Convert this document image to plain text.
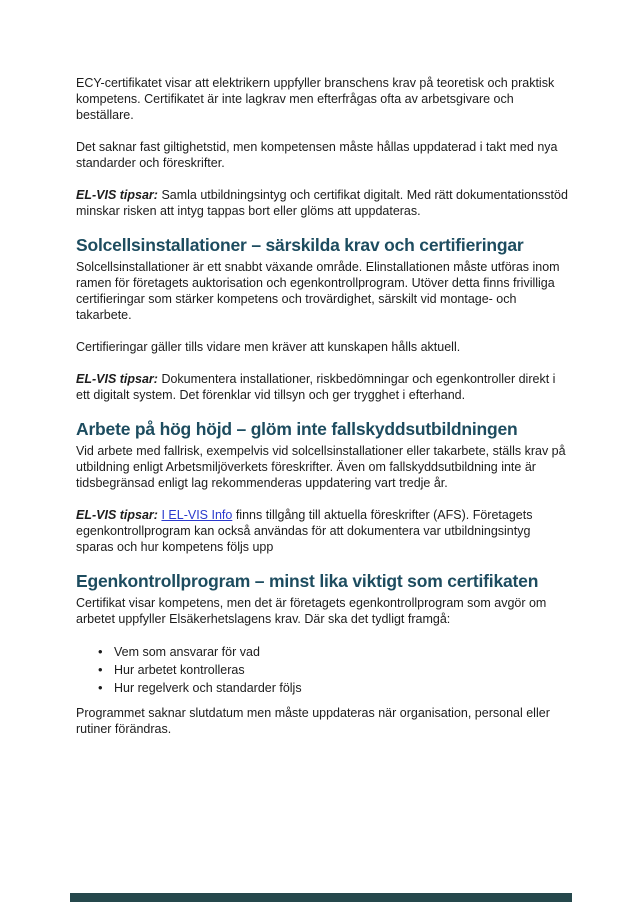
ECY-certifikatet visar att elektrikern uppfyller branschens krav på teoretisk och praktisk kompetens. Certifikatet är inte lagkrav men efterfrågas ofta av arbetsgivare och beställare.

Det saknar fast giltighetstid, men kompetensen måste hållas uppdaterad i takt med nya standarder och föreskrifter.

EL-VIS tipsar: Samla utbildningsintyg och certifikat digitalt. Med rätt dokumentationsstöd minskar risken att intyg tappas bort eller glöms att uppdateras.

Solcellsinstallationer – särskilda krav och certifieringar

Solcellsinstallationer är ett snabbt växande område. Elinstallationen måste utföras inom ramen för företagets auktorisation och egenkontrollprogram. Utöver detta finns frivilliga certifieringar som stärker kompetens och trovärdighet, särskilt vid montage- och takarbete.

Certifieringar gäller tills vidare men kräver att kunskapen hålls aktuell.

EL-VIS tipsar: Dokumentera installationer, riskbedömningar och egenkontroller direkt i ett digitalt system. Det förenklar vid tillsyn och ger trygghet i efterhand.

Arbete på hög höjd – glöm inte fallskyddsutbildningen

Vid arbete med fallrisk, exempelvis vid solcellsinstallationer eller takarbete, ställs krav på utbildning enligt Arbetsmiljöverkets föreskrifter. Även om fallskyddsutbildning inte är tidsbegränsad enligt lag rekommenderas uppdatering vart tredje år.

EL-VIS tipsar: I EL-VIS Info finns tillgång till aktuella föreskrifter (AFS). Företagets egenkontrollprogram kan också användas för att dokumentera var utbildningsintyg sparas och hur kompetens följs upp

Egenkontrollprogram – minst lika viktigt som certifikaten

Certifikat visar kompetens, men det är företagets egenkontrollprogram som avgör om arbetet uppfyller Elsäkerhetslagens krav. Där ska det tydligt framgå:

• Vem som ansvarar för vad
• Hur arbetet kontrolleras
• Hur regelverk och standarder följs

Programmet saknar slutdatum men måste uppdateras när organisation, personal eller rutiner förändras.
